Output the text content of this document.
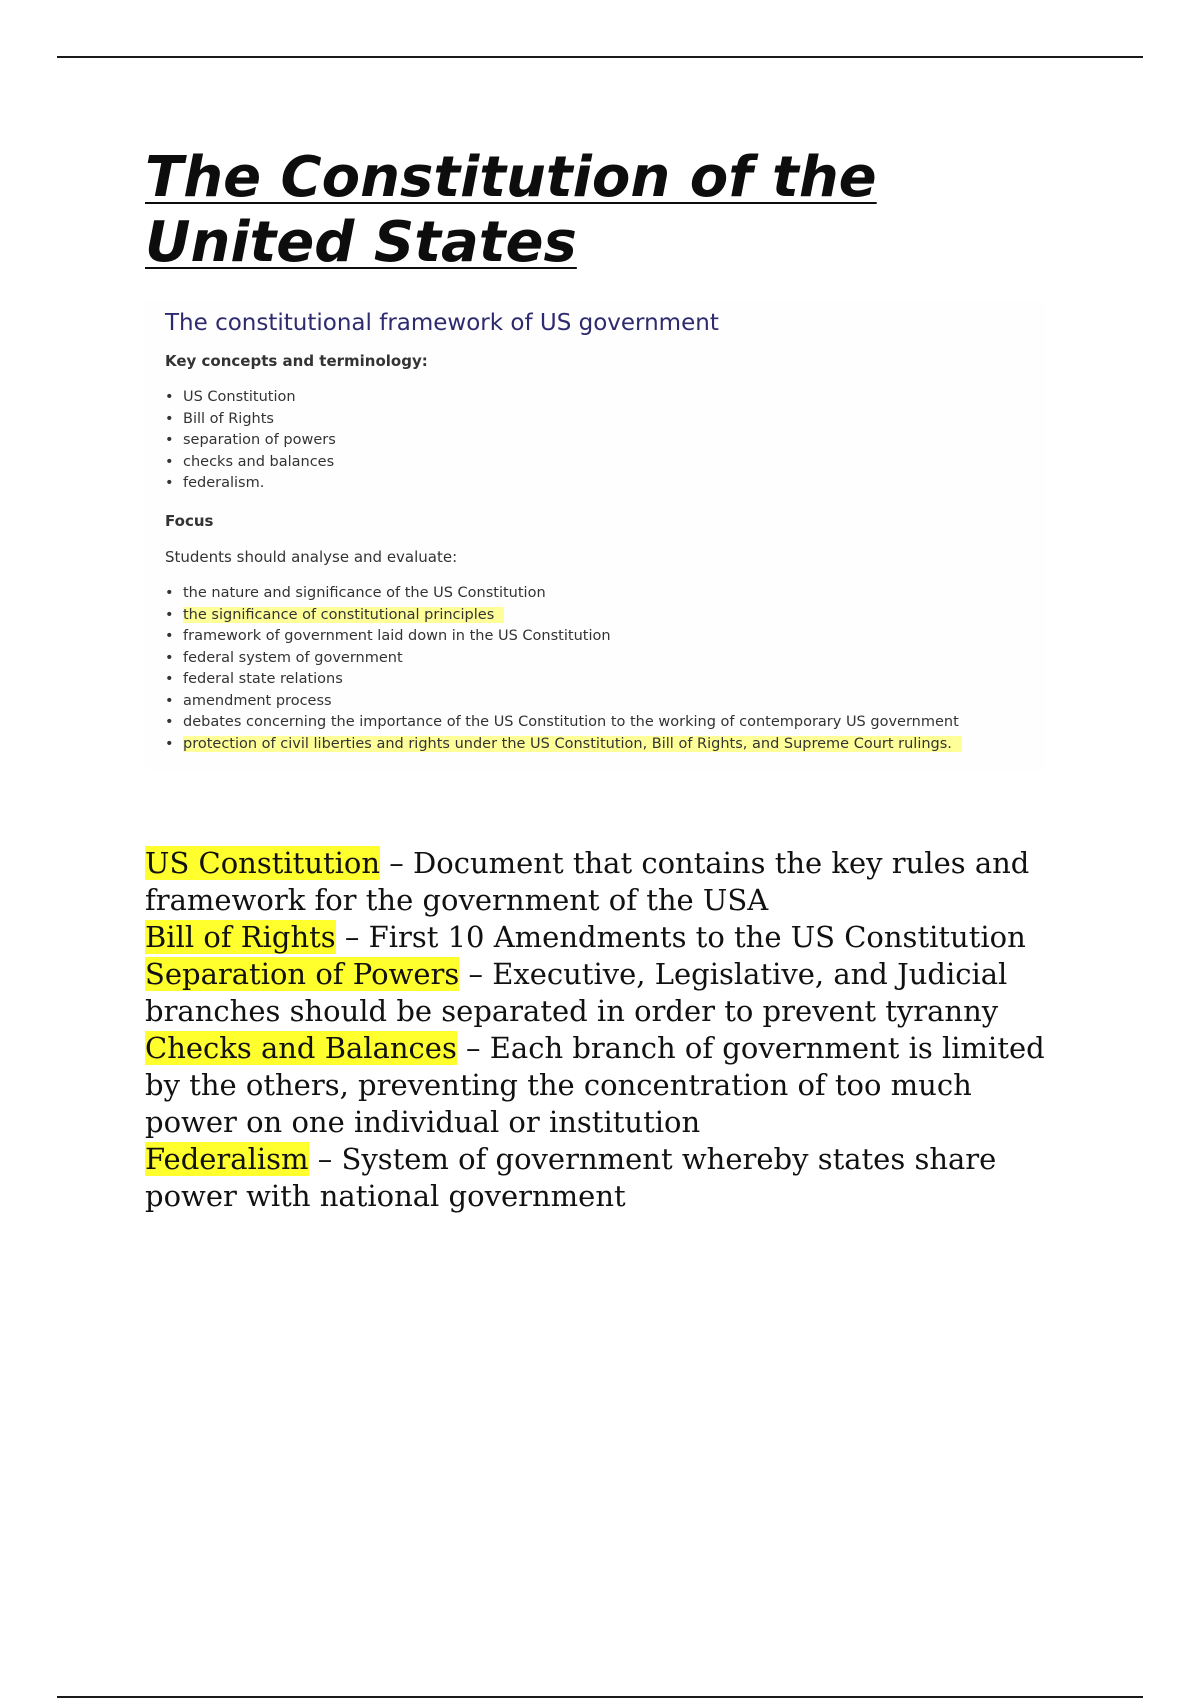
The Constitution of the
United States
The constitutional framework of US government
Key concepts and terminology:
• US Constitution
• Bill of Rights
• separation of powers
• checks and balances
• federalism.
Focus
Students should analyse and evaluate:
• the nature and significance of the US Constitution
• the significance of constitutional principles
• framework of government laid down in the US Constitution
• federal system of government
• federal state relations
• amendment process
• debates concerning the importance of the US Constitution to the working of contemporary US government
• protection of civil liberties and rights under the US Constitution, Bill of Rights, and Supreme Court rulings.

US Constitution – Document that contains the key rules and framework for the government of the USA

Bill of Rights – First 10 Amendments to the US Constitution

Separation of Powers – Executive, Legislative, and Judicial branches should be separated in order to prevent tyranny

Checks and Balances – Each branch of government is limited by the others, preventing the concentration of too much power on one individual or institution

Federalism – System of government whereby states share power with national government
